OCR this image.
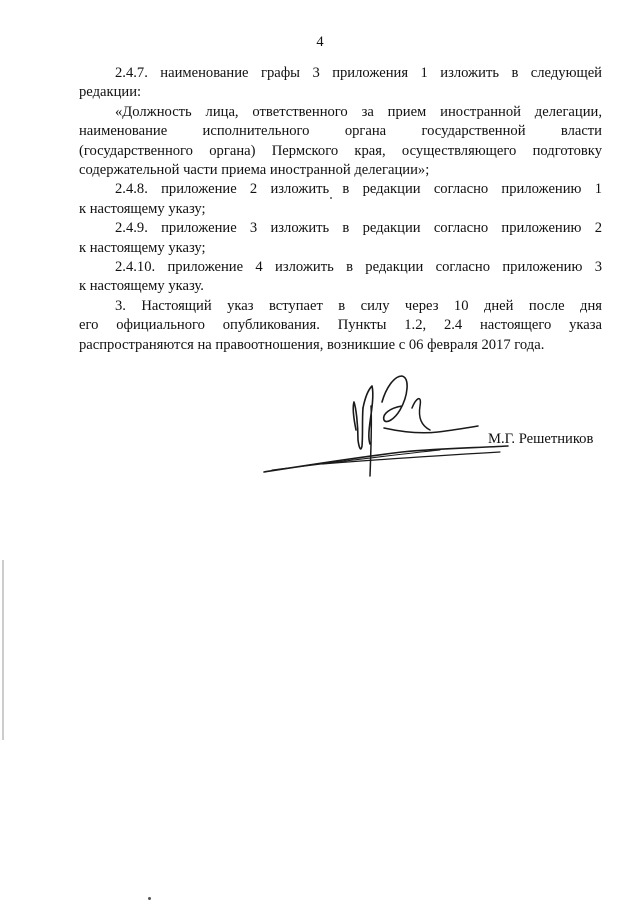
4
2.4.7. наименование графы 3 приложения 1 изложить в следующей
редакции:
«Должность лица, ответственного за прием иностранной делегации,
наименование исполнительного органа государственной власти
(государственного органа) Пермского края, осуществляющего подготовку
содержательной части приема иностранной делегации»;
2.4.8. приложение 2 изложить в редакции согласно приложению 1
к настоящему указу;
2.4.9. приложение 3 изложить в редакции согласно приложению 2
к настоящему указу;
2.4.10. приложение 4 изложить в редакции согласно приложению 3
к настоящему указу.
3. Настоящий указ вступает в силу через 10 дней после дня
его официального опубликования. Пункты 1.2, 2.4 настоящего указа
распространяются на правоотношения, возникшие с 06 февраля 2017 года.
М.Г. Решетников
